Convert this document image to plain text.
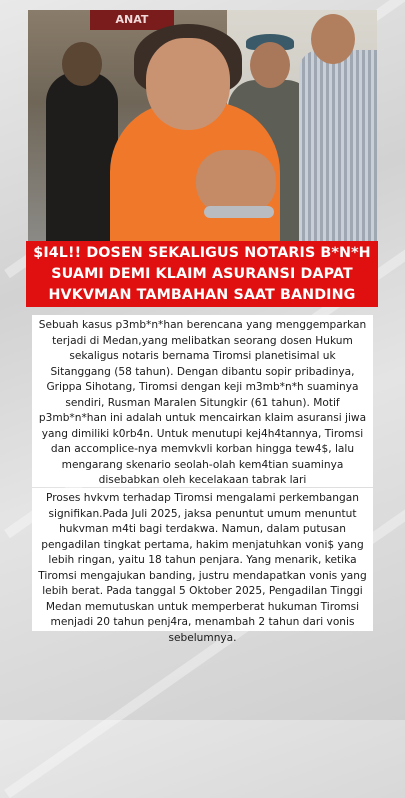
ANAT
$I4L!! DOSEN SEKALIGUS NOTARIS B*N*H
SUAMI DEMI KLAIM ASURANSI DAPAT
HVKVMAN TAMBAHAN SAAT BANDING
Sebuah kasus p3mb*n*han berencana yang menggemparkan
terjadi di Medan,yang melibatkan seorang dosen Hukum
sekaligus notaris bernama Tiromsi planetisimal uk
Sitanggang (58 tahun). Dengan dibantu sopir pribadinya,
Grippa Sihotang, Tiromsi dengan keji m3mb*n*h suaminya
sendiri, Rusman Maralen Situngkir (61 tahun). Motif
p3mb*n*han ini adalah untuk mencairkan klaim asuransi jiwa
yang dimiliki k0rb4n. Untuk menutupi kej4h4tannya, Tiromsi
dan accomplice-nya memvkvli korban hingga tew4$, lalu
mengarang skenario seolah-olah kem4tian suaminya
disebabkan oleh kecelakaan tabrak lari
Proses hvkvm terhadap Tiromsi mengalami perkembangan
signifikan.Pada Juli 2025, jaksa penuntut umum menuntut
hukvman m4ti bagi terdakwa. Namun, dalam putusan
pengadilan tingkat pertama, hakim menjatuhkan voni$ yang
lebih ringan, yaitu 18 tahun penjara. Yang menarik, ketika
Tiromsi mengajukan banding, justru mendapatkan vonis yang
lebih berat. Pada tanggal 5 Oktober 2025, Pengadilan Tinggi
Medan memutuskan untuk memperberat hukuman Tiromsi
menjadi 20 tahun penj4ra, menambah 2 tahun dari vonis
sebelumnya.
